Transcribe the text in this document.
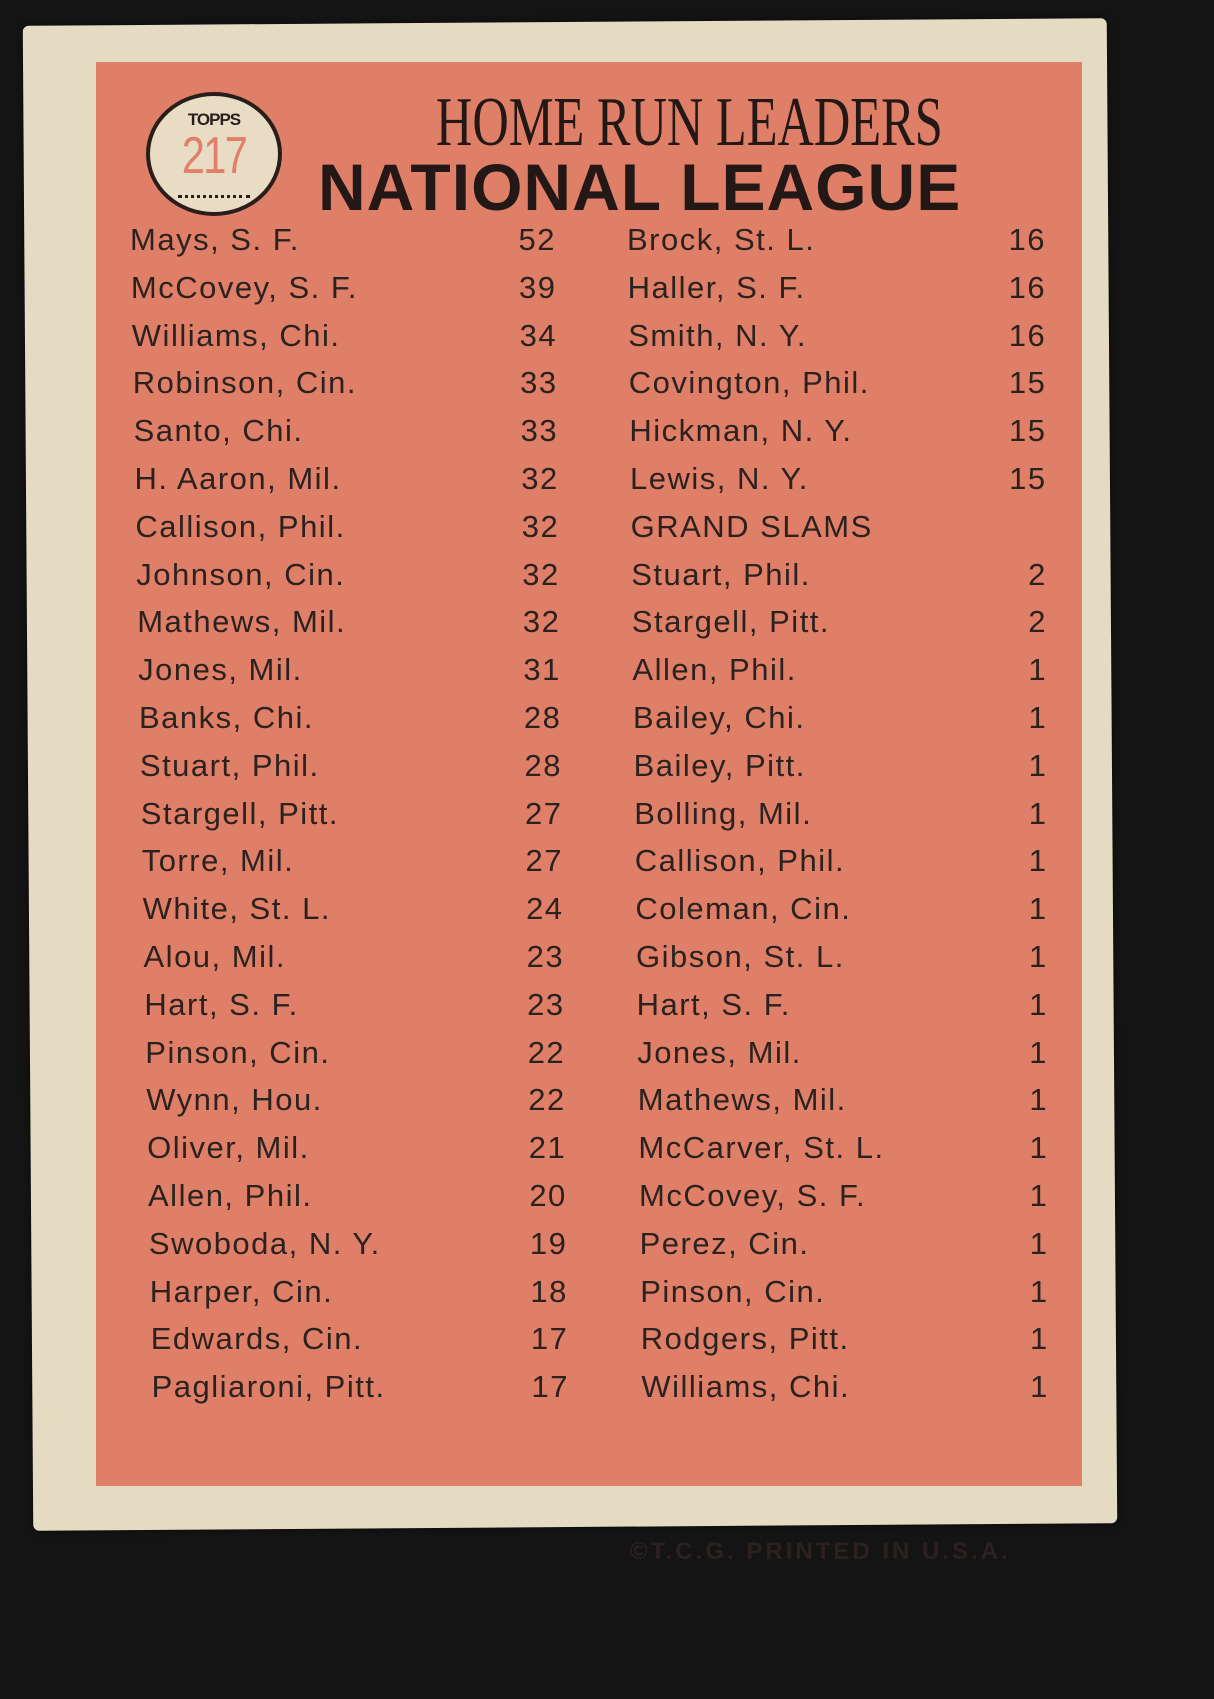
TOPPS
217	HOME RUN LEADERS
NATIONAL LEAGUE
Mays, S. F.	52
McCovey, S. F.	39
Williams, Chi.	34
Robinson, Cin.	33
Santo, Chi.	33
H. Aaron, Mil.	32
Callison, Phil.	32
Johnson, Cin.	32
Mathews, Mil.	32
Jones, Mil.	31
Banks, Chi.	28
Stuart, Phil.	28
Stargell, Pitt.	27
Torre, Mil.	27
White, St. L.	24
Alou, Mil.	23
Hart, S. F.	23
Pinson, Cin.	22
Wynn, Hou.	22
Oliver, Mil.	21
Allen, Phil.	20
Swoboda, N. Y.	19
Harper, Cin.	18
Edwards, Cin.	17
Pagliaroni, Pitt.	17
Brock, St. L.	16
Haller, S. F.	16
Smith, N. Y.	16
Covington, Phil.	15
Hickman, N. Y.	15
Lewis, N. Y.	15
GRAND SLAMS
Stuart, Phil.	2
Stargell, Pitt.	2
Allen, Phil.	1
Bailey, Chi.	1
Bailey, Pitt.	1
Bolling, Mil.	1
Callison, Phil.	1
Coleman, Cin.	1
Gibson, St. L.	1
Hart, S. F.	1
Jones, Mil.	1
Mathews, Mil.	1
McCarver, St. L.	1
McCovey, S. F.	1
Perez, Cin.	1
Pinson, Cin.	1
Rodgers, Pitt.	1
Williams, Chi.	1
©T.C.G. PRINTED IN U.S.A.
